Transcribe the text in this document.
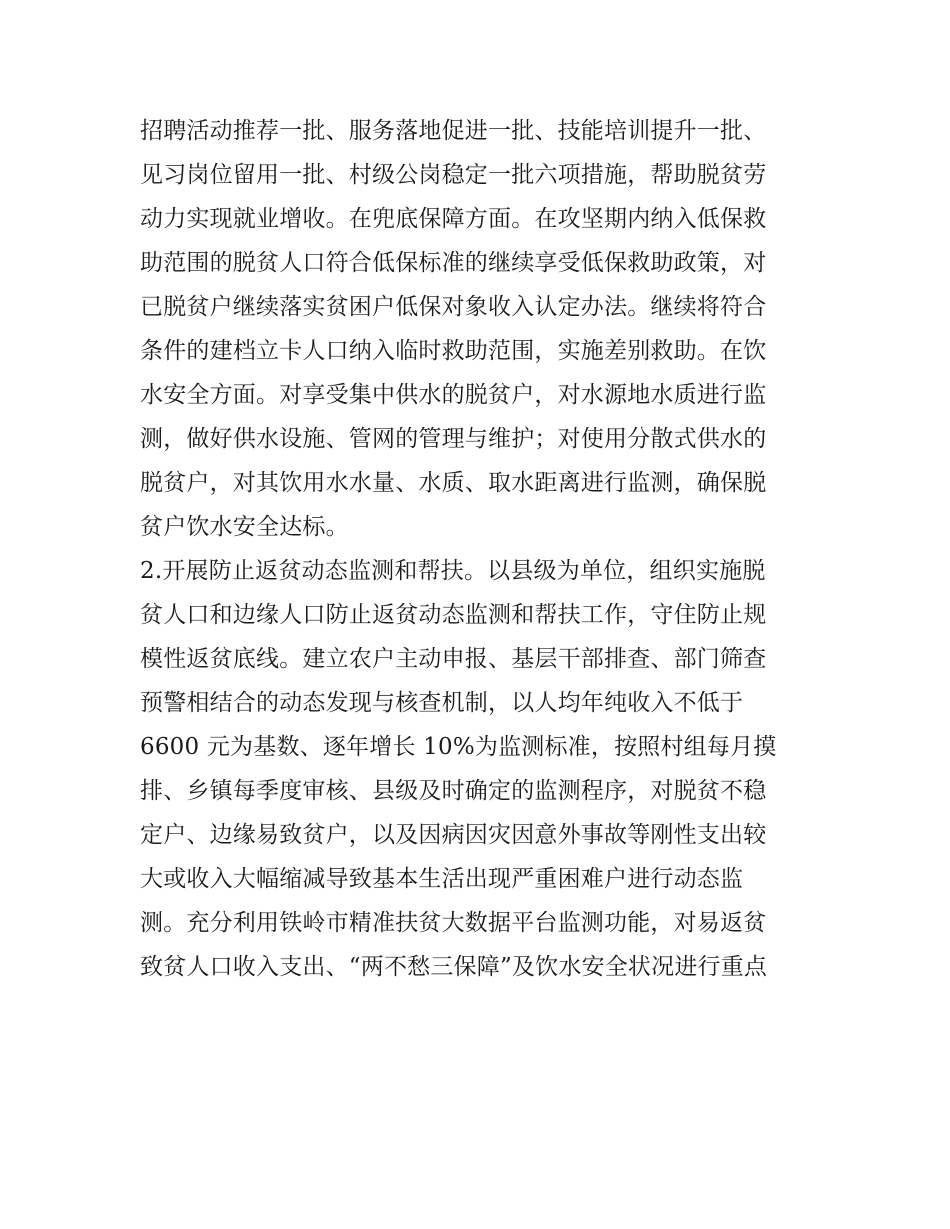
招聘活动推荐一批、服务落地促进一批、技能培训提升一批、
见习岗位留用一批、村级公岗稳定一批六项措施，帮助脱贫劳
动力实现就业增收。在兜底保障方面。在攻坚期内纳入低保救
助范围的脱贫人口符合低保标准的继续享受低保救助政策，对
已脱贫户继续落实贫困户低保对象收入认定办法。继续将符合
条件的建档立卡人口纳入临时救助范围，实施差别救助。在饮
水安全方面。对享受集中供水的脱贫户，对水源地水质进行监
测，做好供水设施、管网的管理与维护；对使用分散式供水的
脱贫户，对其饮用水水量、水质、取水距离进行监测，确保脱
贫户饮水安全达标。
2.开展防止返贫动态监测和帮扶。以县级为单位，组织实施脱
贫人口和边缘人口防止返贫动态监测和帮扶工作，守住防止规
模性返贫底线。建立农户主动申报、基层干部排查、部门筛查
预警相结合的动态发现与核查机制，以人均年纯收入不低于
6600 元为基数、逐年增长 10%为监测标准，按照村组每月摸
排、乡镇每季度审核、县级及时确定的监测程序，对脱贫不稳
定户、边缘易致贫户，以及因病因灾因意外事故等刚性支出较
大或收入大幅缩减导致基本生活出现严重困难户进行动态监
测。充分利用铁岭市精准扶贫大数据平台监测功能，对易返贫
致贫人口收入支出、“两不愁三保障”及饮水安全状况进行重点
